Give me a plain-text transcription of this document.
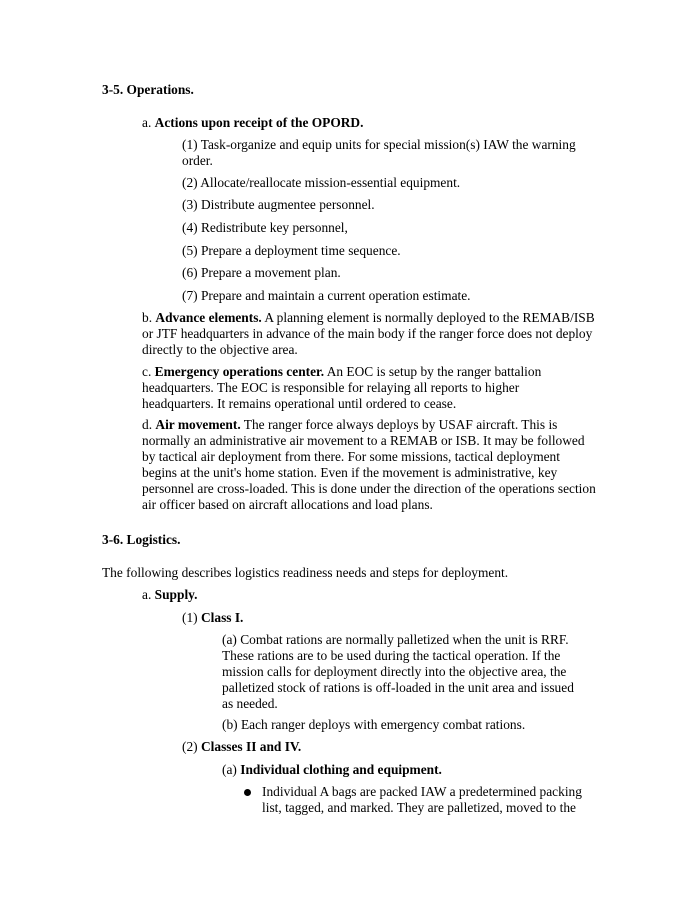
3-5. Operations.
a. Actions upon receipt of the OPORD.
(1) Task-organize and equip units for special mission(s) IAW the warning order.
(2) Allocate/reallocate mission-essential equipment.
(3) Distribute augmentee personnel.
(4) Redistribute key personnel,
(5) Prepare a deployment time sequence.
(6) Prepare a movement plan.
(7) Prepare and maintain a current operation estimate.
b. Advance elements. A planning element is normally deployed to the REMAB/ISB or JTF headquarters in advance of the main body if the ranger force does not deploy directly to the objective area.
c. Emergency operations center. An EOC is setup by the ranger battalion headquarters. The EOC is responsible for relaying all reports to higher headquarters. It remains operational until ordered to cease.
d. Air movement. The ranger force always deploys by USAF aircraft. This is normally an administrative air movement to a REMAB or ISB. It may be followed by tactical air deployment from there. For some missions, tactical deployment begins at the unit's home station. Even if the movement is administrative, key personnel are cross-loaded. This is done under the direction of the operations section air officer based on aircraft allocations and load plans.
3-6. Logistics.
The following describes logistics readiness needs and steps for deployment.
a. Supply.
(1) Class I.
(a) Combat rations are normally palletized when the unit is RRF. These rations are to be used during the tactical operation. If the mission calls for deployment directly into the objective area, the palletized stock of rations is off-loaded in the unit area and issued as needed.
(b) Each ranger deploys with emergency combat rations.
(2) Classes II and IV.
(a) Individual clothing and equipment.
Individual A bags are packed IAW a predetermined packing list, tagged, and marked. They are palletized, moved to the
